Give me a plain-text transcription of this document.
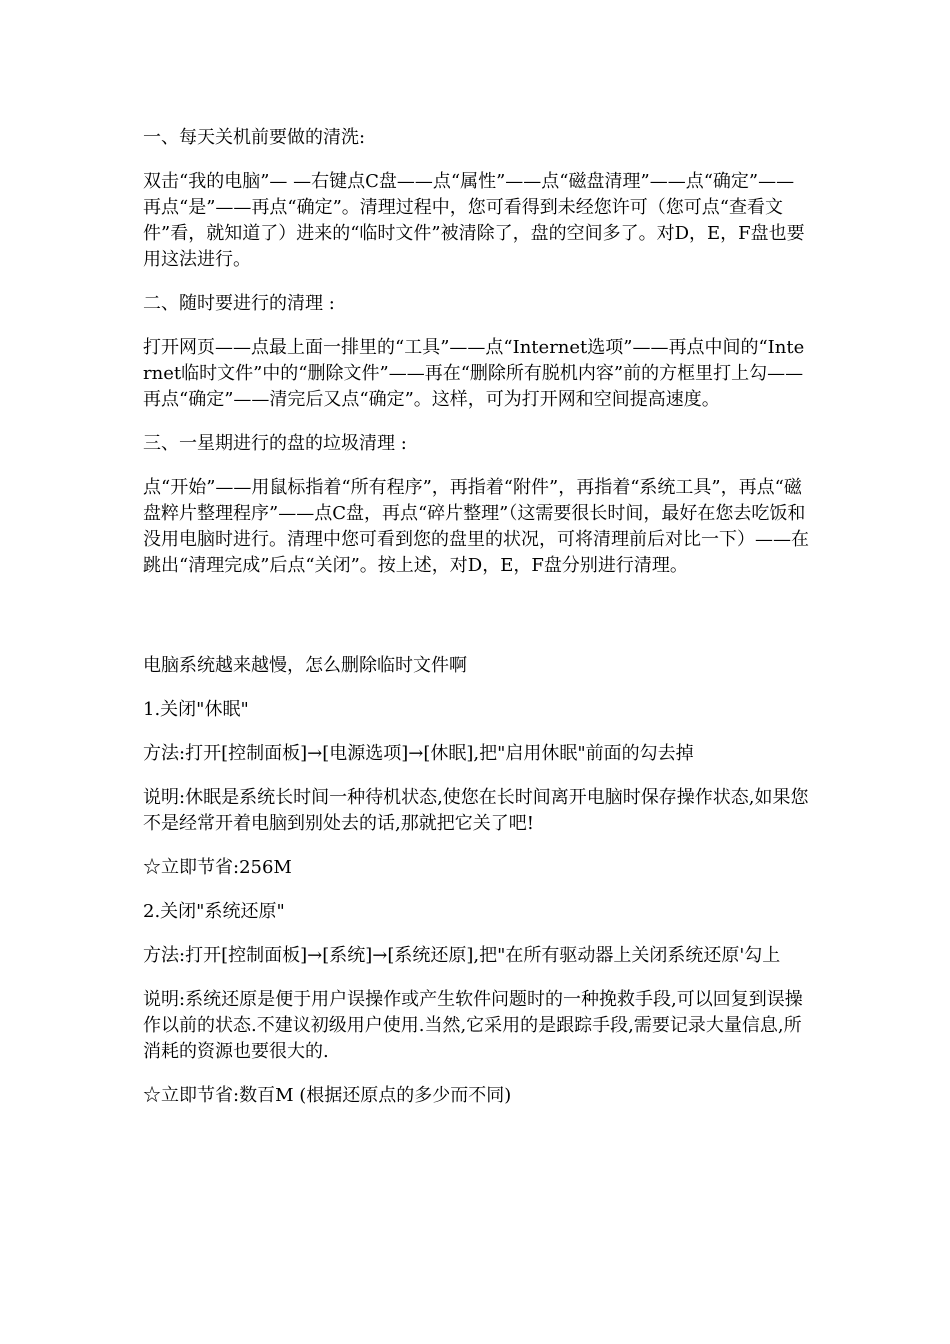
一、每天关机前要做的清洗:

双击“我的电脑”— —右键点C盘——点“属性”——点“磁盘清理”——点“确定”——再点“是”——再点“确定”。清理过程中，您可看得到未经您许可（您可点“查看文件”看，就知道了）进来的“临时文件”被清除了，盘的空间多了。对D，E，F盘也要用这法进行。

二、随时要进行的清理 :

打开网页——点最上面一排里的“工具”——点“Internet选项”——再点中间的“Internet临时文件”中的“删除文件”——再在“删除所有脱机内容”前的方框里打上勾——再点“确定”——清完后又点“确定”。这样，可为打开网和空间提高速度。

三、一星期进行的盘的垃圾清理 :

点“开始”——用鼠标指着“所有程序”，再指着“附件”，再指着“系统工具”，再点“磁盘粹片整理程序”——点C盘，再点“碎片整理”（这需要很长时间，最好在您去吃饭和没用电脑时进行。清理中您可看到您的盘里的状况，可将清理前后对比一下）——在跳出“清理完成”后点“关闭”。按上述，对D，E，F盘分别进行清理。

电脑系统越来越慢，怎么删除临时文件啊

1.关闭"休眠"

方法:打开[控制面板]→[电源选项]→[休眠],把"启用休眠"前面的勾去掉

说明:休眠是系统长时间一种待机状态,使您在长时间离开电脑时保存操作状态,如果您不是经常开着电脑到别处去的话,那就把它关了吧!

☆立即节省:256M

2.关闭"系统还原"

方法:打开[控制面板]→[系统]→[系统还原],把"在所有驱动器上关闭系统还原'勾上

说明:系统还原是便于用户误操作或产生软件问题时的一种挽救手段,可以回复到误操作以前的状态.不建议初级用户使用.当然,它采用的是跟踪手段,需要记录大量信息,所消耗的资源也要很大的.

☆立即节省:数百M (根据还原点的多少而不同)
